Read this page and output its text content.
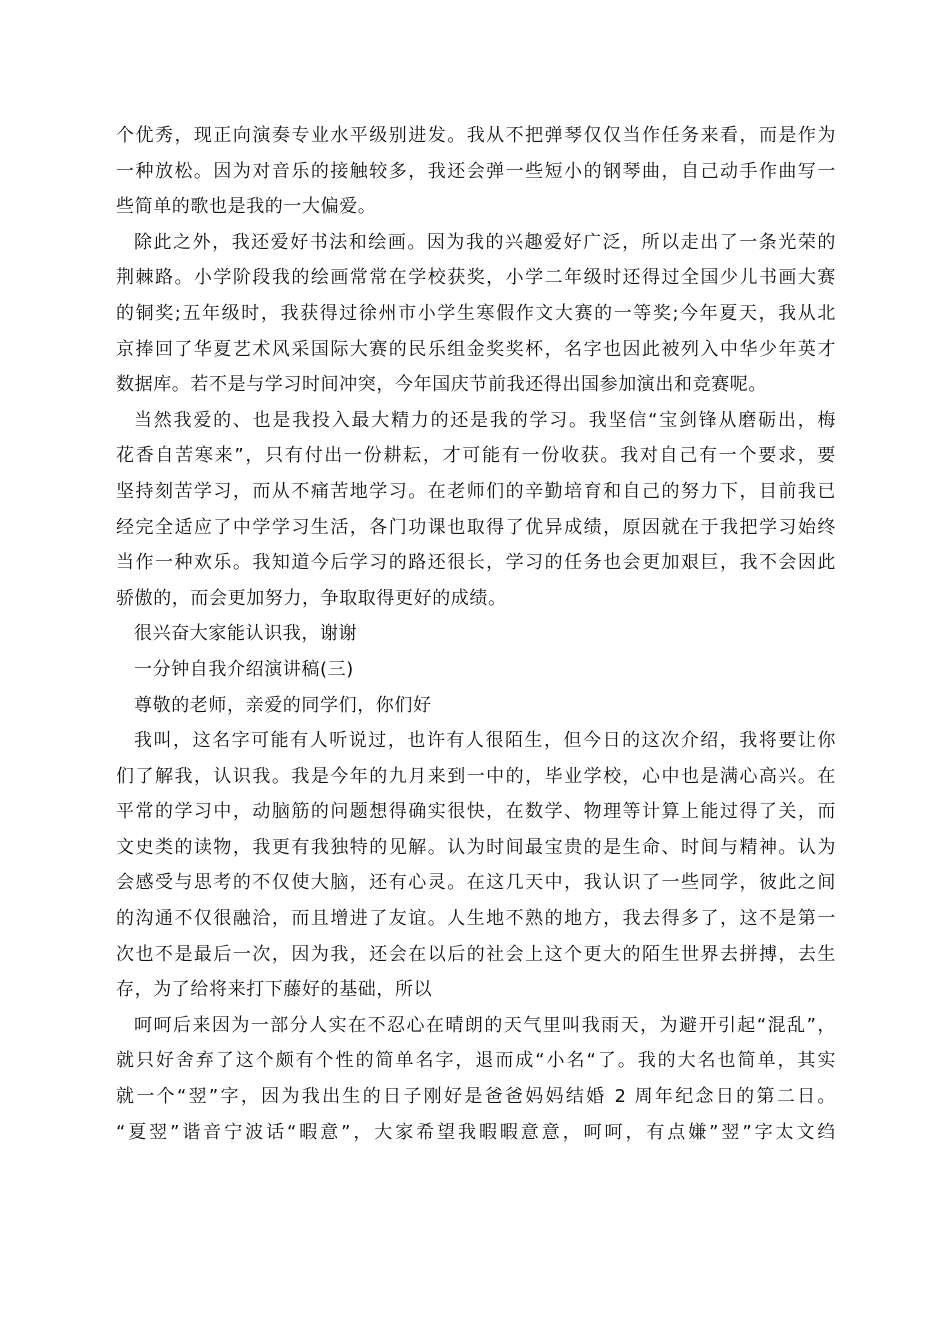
个优秀，现正向演奏专业水平级别进发。我从不把弹琴仅仅当作任务来看，而是作为
一种放松。因为对音乐的接触较多，我还会弹一些短小的钢琴曲，自己动手作曲写一
些简单的歌也是我的一大偏爱。
除此之外，我还爱好书法和绘画。因为我的兴趣爱好广泛，所以走出了一条光荣的
荆棘路。小学阶段我的绘画常常在学校获奖，小学二年级时还得过全国少儿书画大赛
的铜奖;五年级时，我获得过徐州市小学生寒假作文大赛的一等奖;今年夏天，我从北
京捧回了华夏艺术风采国际大赛的民乐组金奖奖杯，名字也因此被列入中华少年英才
数据库。若不是与学习时间冲突，今年国庆节前我还得出国参加演出和竞赛呢。
当然我爱的、也是我投入最大精力的还是我的学习。我坚信“宝剑锋从磨砺出，梅
花香自苦寒来”，只有付出一份耕耘，才可能有一份收获。我对自己有一个要求，要
坚持刻苦学习，而从不痛苦地学习。在老师们的辛勤培育和自己的努力下，目前我已
经完全适应了中学学习生活，各门功课也取得了优异成绩，原因就在于我把学习始终
当作一种欢乐。我知道今后学习的路还很长，学习的任务也会更加艰巨，我不会因此
骄傲的，而会更加努力，争取取得更好的成绩。
很兴奋大家能认识我，谢谢
一分钟自我介绍演讲稿(三)
尊敬的老师，亲爱的同学们，你们好
我叫，这名字可能有人听说过，也许有人很陌生，但今日的这次介绍，我将要让你
们了解我，认识我。我是今年的九月来到一中的，毕业学校，心中也是满心高兴。在
平常的学习中，动脑筋的问题想得确实很快，在数学、物理等计算上能过得了关，而
文史类的读物，我更有我独特的见解。认为时间最宝贵的是生命、时间与精神。认为
会感受与思考的不仅使大脑，还有心灵。在这几天中，我认识了一些同学，彼此之间
的沟通不仅很融洽，而且增进了友谊。人生地不熟的地方，我去得多了，这不是第一
次也不是最后一次，因为我，还会在以后的社会上这个更大的陌生世界去拼搏，去生
存，为了给将来打下藤好的基础，所以
呵呵后来因为一部分人实在不忍心在晴朗的天气里叫我雨天，为避开引起“混乱”，
就只好舍弃了这个颇有个性的简单名字，退而成“小名“了。我的大名也简单，其实
就一个“翌”字，因为我出生的日子刚好是爸爸妈妈结婚 2 周年纪念日的第二日。
“夏翌”谐音宁波话“暇意”，大家希望我暇暇意意，呵呵，有点嫌”翌”字太文绉
